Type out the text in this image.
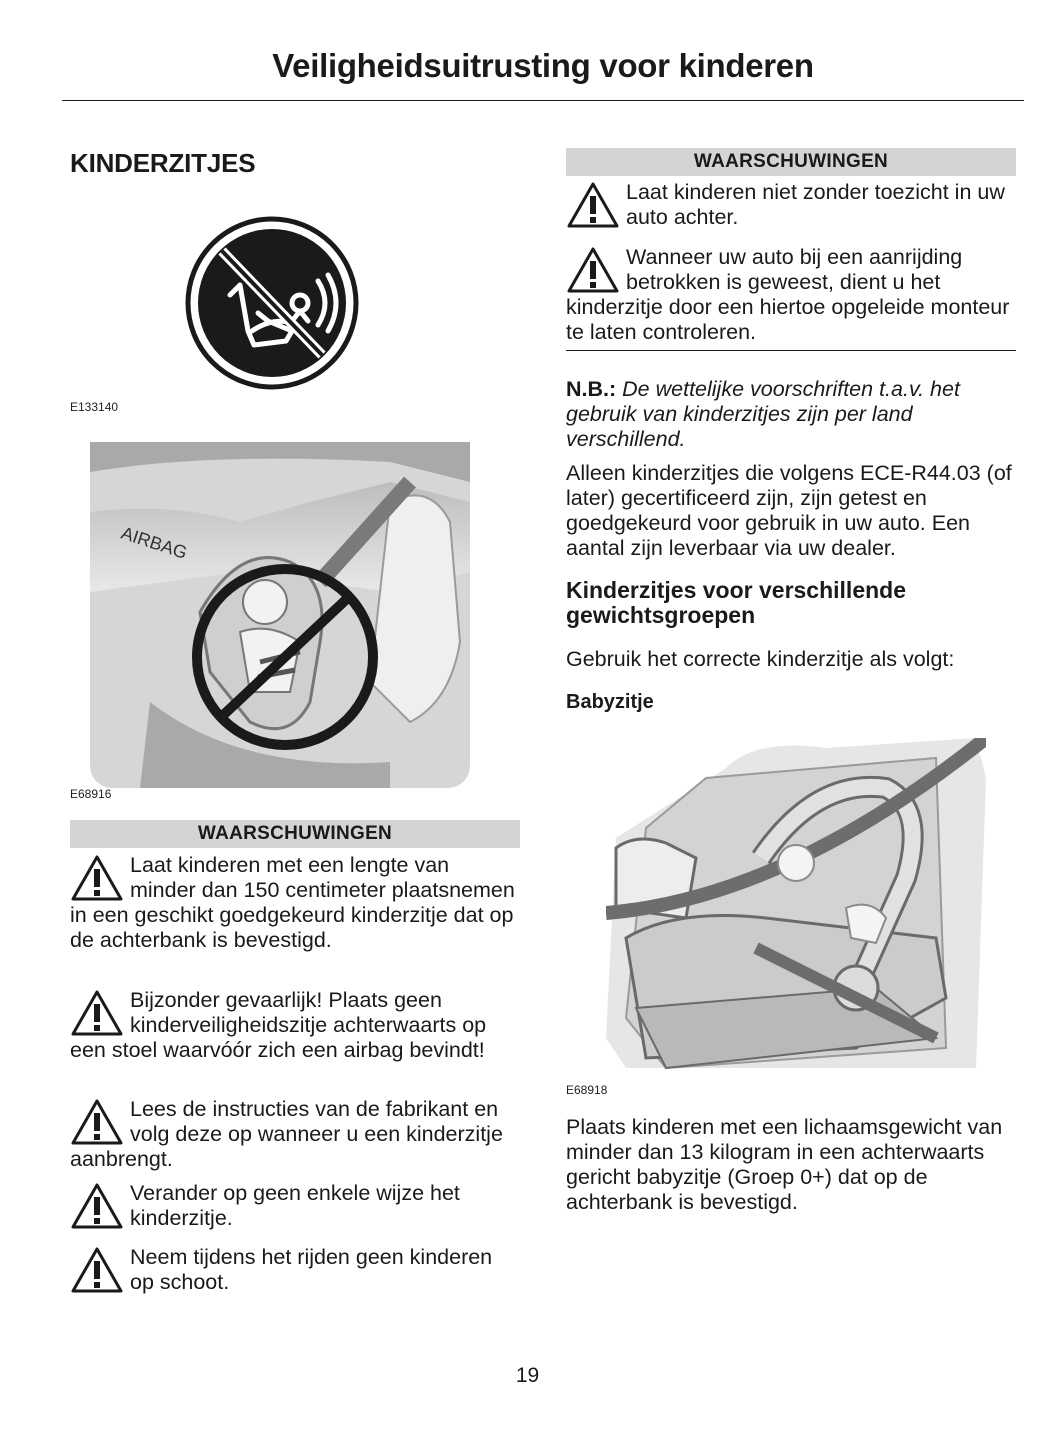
Veiligheidsuitrusting voor kinderen
KINDERZITJES
E133140
AIRBAG
E68916
WAARSCHUWINGEN
Laat kinderen met een lengte van minder dan 150 centimeter plaatsnemen in een geschikt goedgekeurd kinderzitje dat op de achterbank is bevestigd.
Bijzonder gevaarlijk! Plaats geen kinderveiligheidszitje achterwaarts op een stoel waarvóór zich een airbag bevindt!
Lees de instructies van de fabrikant en volg deze op wanneer u een kinderzitje aanbrengt.
Verander op geen enkele wijze het kinderzitje.
Neem tijdens het rijden geen kinderen op schoot.
WAARSCHUWINGEN
Laat kinderen niet zonder toezicht in uw auto achter.
Wanneer uw auto bij een aanrijding betrokken is geweest, dient u het kinderzitje door een hiertoe opgeleide monteur te laten controleren.

N.B.: De wettelijke voorschriften t.a.v. het gebruik van kinderzitjes zijn per land verschillend.

Alleen kinderzitjes die volgens ECE-R44.03 (of later) gecertificeerd zijn, zijn getest en goedgekeurd voor gebruik in uw auto. Een aantal zijn leverbaar via uw dealer.

Kinderzitjes voor verschillende gewichtsgroepen

Gebruik het correcte kinderzitje als volgt:

Babyzitje
E68918

Plaats kinderen met een lichaamsgewicht van minder dan 13 kilogram in een achterwaarts gericht babyzitje (Groep 0+) dat op de achterbank is bevestigd.

19
